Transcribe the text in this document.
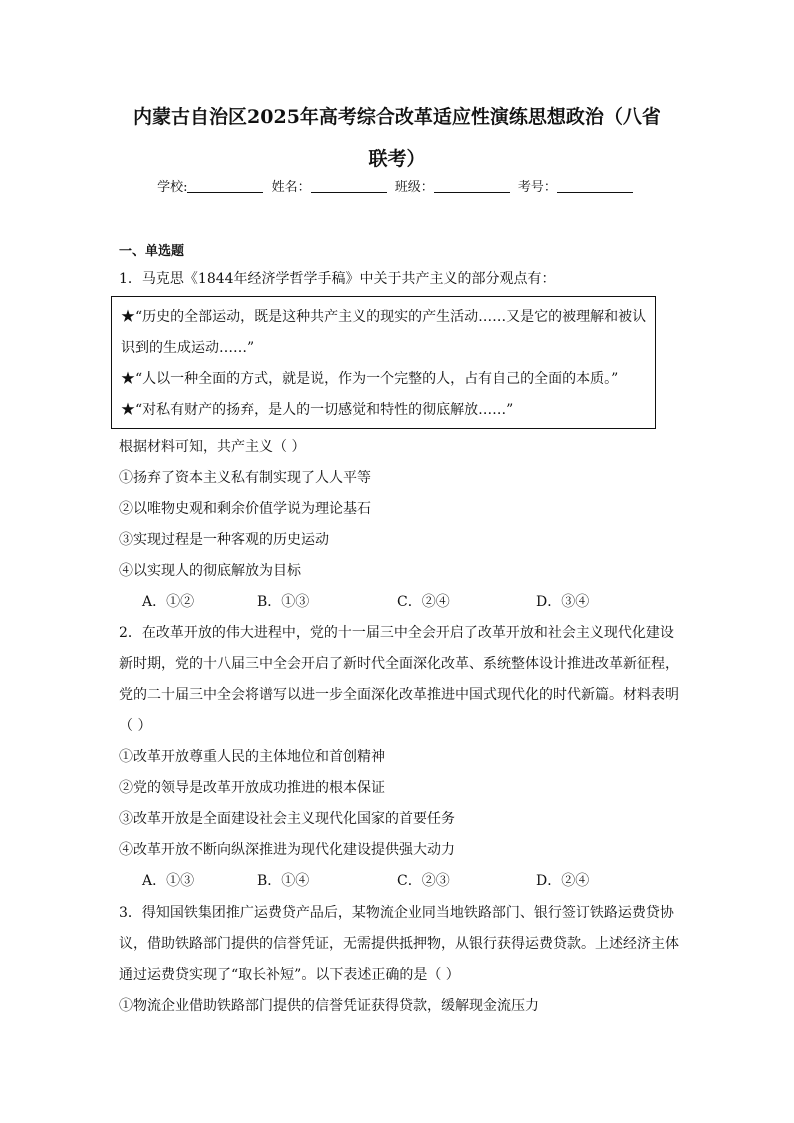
内蒙古自治区2025年高考综合改革适应性演练思想政治（八省
联考）
学校:	姓名：	班级：	考号：
一、单选题
1．马克思《1844年经济学哲学手稿》中关于共产主义的部分观点有：
★“历史的全部运动，既是这种共产主义的现实的产生活动……又是它的被理解和被认
识到的生成运动……”
★“人以一种全面的方式，就是说，作为一个完整的人，占有自己的全面的本质。”
★“对私有财产的扬弃，是人的一切感觉和特性的彻底解放……”
根据材料可知，共产主义（ ）
①扬弃了资本主义私有制实现了人人平等
②以唯物史观和剩余价值学说为理论基石
③实现过程是一种客观的历史运动
④以实现人的彻底解放为目标
A．①②	B．①③	C．②④	D．③④
2．在改革开放的伟大进程中，党的十一届三中全会开启了改革开放和社会主义现代化建设
新时期，党的十八届三中全会开启了新时代全面深化改革、系统整体设计推进改革新征程，
党的二十届三中全会将谱写以进一步全面深化改革推进中国式现代化的时代新篇。材料表明
（ ）
①改革开放尊重人民的主体地位和首创精神
②党的领导是改革开放成功推进的根本保证
③改革开放是全面建设社会主义现代化国家的首要任务
④改革开放不断向纵深推进为现代化建设提供强大动力
A．①③	B．①④	C．②③	D．②④
3．得知国铁集团推广运费贷产品后，某物流企业同当地铁路部门、银行签订铁路运费贷协
议，借助铁路部门提供的信誉凭证，无需提供抵押物，从银行获得运费贷款。上述经济主体
通过运费贷实现了“取长补短”。以下表述正确的是（ ）
①物流企业借助铁路部门提供的信誉凭证获得贷款，缓解现金流压力
